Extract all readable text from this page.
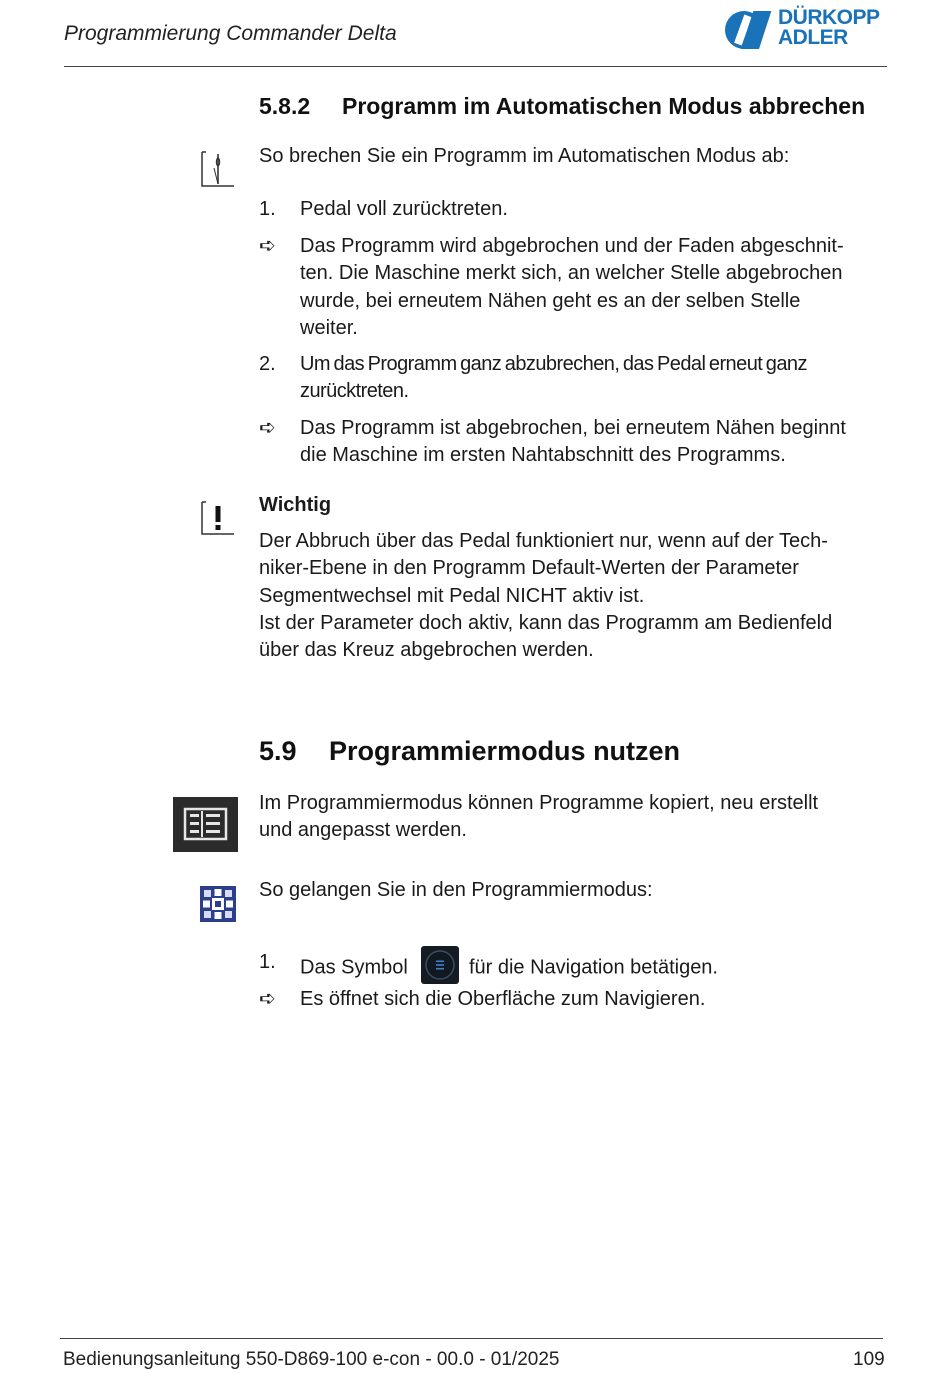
Programmierung Commander Delta
DÜRKOPP
ADLER
5.8.2 Programm im Automatischen Modus abbrechen
So brechen Sie ein Programm im Automatischen Modus ab:
1. Pedal voll zurücktreten.
➪ Das Programm wird abgebrochen und der Faden abgeschnit-
ten. Die Maschine merkt sich, an welcher Stelle abgebrochen
wurde, bei erneutem Nähen geht es an der selben Stelle
weiter.
2. Um das Programm ganz abzubrechen, das Pedal erneut ganz
zurücktreten.
➪ Das Programm ist abgebrochen, bei erneutem Nähen beginnt
die Maschine im ersten Nahtabschnitt des Programms.
Wichtig
Der Abbruch über das Pedal funktioniert nur, wenn auf der Tech-
niker-Ebene in den Programm Default-Werten der Parameter
Segmentwechsel mit Pedal NICHT aktiv ist.
Ist der Parameter doch aktiv, kann das Programm am Bedienfeld
über das Kreuz abgebrochen werden.
5.9 Programmiermodus nutzen
Im Programmiermodus können Programme kopiert, neu erstellt
und angepasst werden.
So gelangen Sie in den Programmiermodus:
1. Das Symbol	für die Navigation betätigen.
➪ Es öffnet sich die Oberfläche zum Navigieren.
Bedienungsanleitung 550-D869-100 e-con - 00.0 - 01/2025	109
